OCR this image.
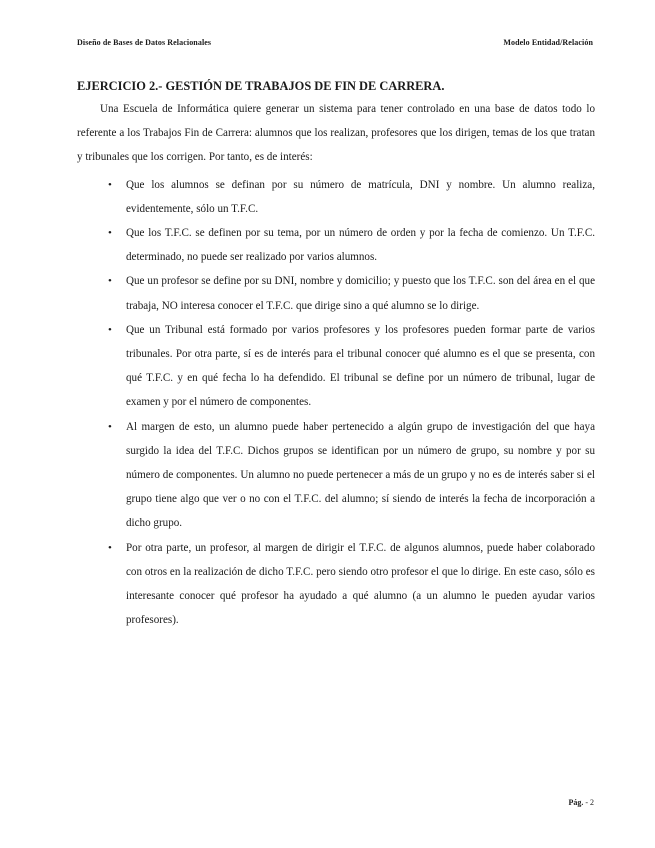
Diseño de Bases de Datos Relacionales	Modelo Entidad/Relación
EJERCICIO 2.- GESTIÓN DE TRABAJOS DE FIN DE CARRERA.

Una Escuela de Informática quiere generar un sistema para tener controlado en una base de datos todo lo referente a los Trabajos Fin de Carrera: alumnos que los realizan, profesores que los dirigen, temas de los que tratan y tribunales que los corrigen. Por tanto, es de interés:

• Que los alumnos se definan por su número de matrícula, DNI y nombre. Un alumno realiza, evidentemente, sólo un T.F.C.
• Que los T.F.C. se definen por su tema, por un número de orden y por la fecha de comienzo. Un T.F.C. determinado, no puede ser realizado por varios alumnos.
• Que un profesor se define por su DNI, nombre y domicilio; y puesto que los T.F.C. son del área en el que trabaja, NO interesa conocer el T.F.C. que dirige sino a qué alumno se lo dirige.
• Que un Tribunal está formado por varios profesores y los profesores pueden formar parte de varios tribunales. Por otra parte, sí es de interés para el tribunal conocer qué alumno es el que se presenta, con qué T.F.C. y en qué fecha lo ha defendido. El tribunal se define por un número de tribunal, lugar de examen y por el número de componentes.
• Al margen de esto, un alumno puede haber pertenecido a algún grupo de investigación del que haya surgido la idea del T.F.C. Dichos grupos se identifican por un número de grupo, su nombre y por su número de componentes. Un alumno no puede pertenecer a más de un grupo y no es de interés saber si el grupo tiene algo que ver o no con el T.F.C. del alumno; sí siendo de interés la fecha de incorporación a dicho grupo.
• Por otra parte, un profesor, al margen de dirigir el T.F.C. de algunos alumnos, puede haber colaborado con otros en la realización de dicho T.F.C. pero siendo otro profesor el que lo dirige. En este caso, sólo es interesante conocer qué profesor ha ayudado a qué alumno (a un alumno le pueden ayudar varios profesores).
Pág. - 2
